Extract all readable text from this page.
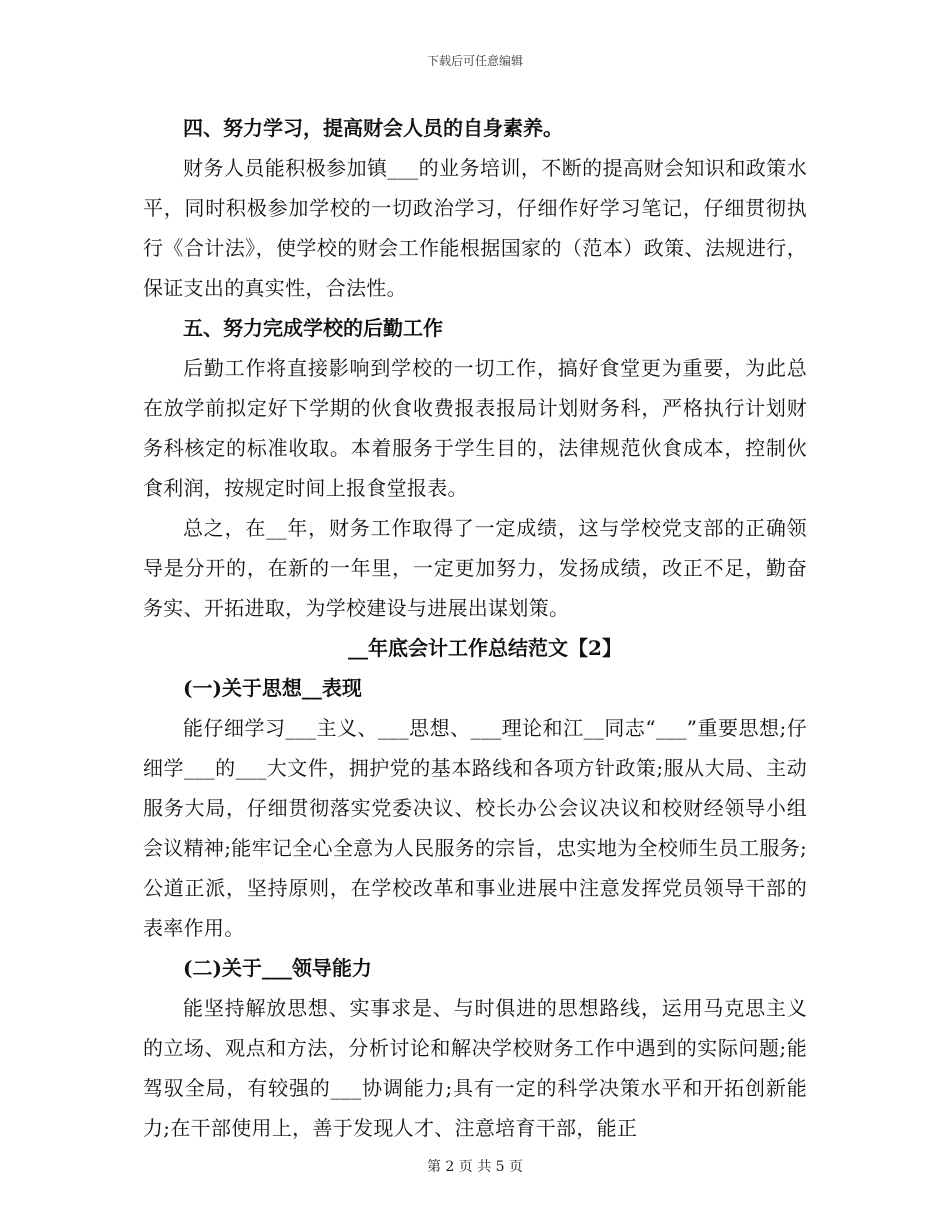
下载后可任意编辑

四、努力学习，提高财会人员的自身素养。

财务人员能积极参加镇___的业务培训，不断的提高财会知识和政策水平，同时积极参加学校的一切政治学习，仔细作好学习笔记，仔细贯彻执行《合计法》，使学校的财会工作能根据国家的（范本）政策、法规进行，保证支出的真实性，合法性。

五、努力完成学校的后勤工作

后勤工作将直接影响到学校的一切工作，搞好食堂更为重要，为此总在放学前拟定好下学期的伙食收费报表报局计划财务科，严格执行计划财务科核定的标准收取。本着服务于学生目的，法律规范伙食成本，控制伙食利润，按规定时间上报食堂报表。

总之，在__年，财务工作取得了一定成绩，这与学校党支部的正确领导是分开的，在新的一年里，一定更加努力，发扬成绩，改正不足，勤奋务实、开拓进取，为学校建设与进展出谋划策。

__年底会计工作总结范文【2】

(一)关于思想__表现

能仔细学习___主义、___思想、___理论和江__同志“___”重要思想;仔细学___的___大文件，拥护党的基本路线和各项方针政策;服从大局、主动服务大局，仔细贯彻落实党委决议、校长办公会议决议和校财经领导小组会议精神;能牢记全心全意为人民服务的宗旨，忠实地为全校师生员工服务;公道正派，坚持原则，在学校改革和事业进展中注意发挥党员领导干部的表率作用。

(二)关于___领导能力

能坚持解放思想、实事求是、与时俱进的思想路线，运用马克思主义的立场、观点和方法，分析讨论和解决学校财务工作中遇到的实际问题;能驾驭全局，有较强的___协调能力;具有一定的科学决策水平和开拓创新能力;在干部使用上，善于发现人才、注意培育干部，能正

第 2 页 共 5 页
